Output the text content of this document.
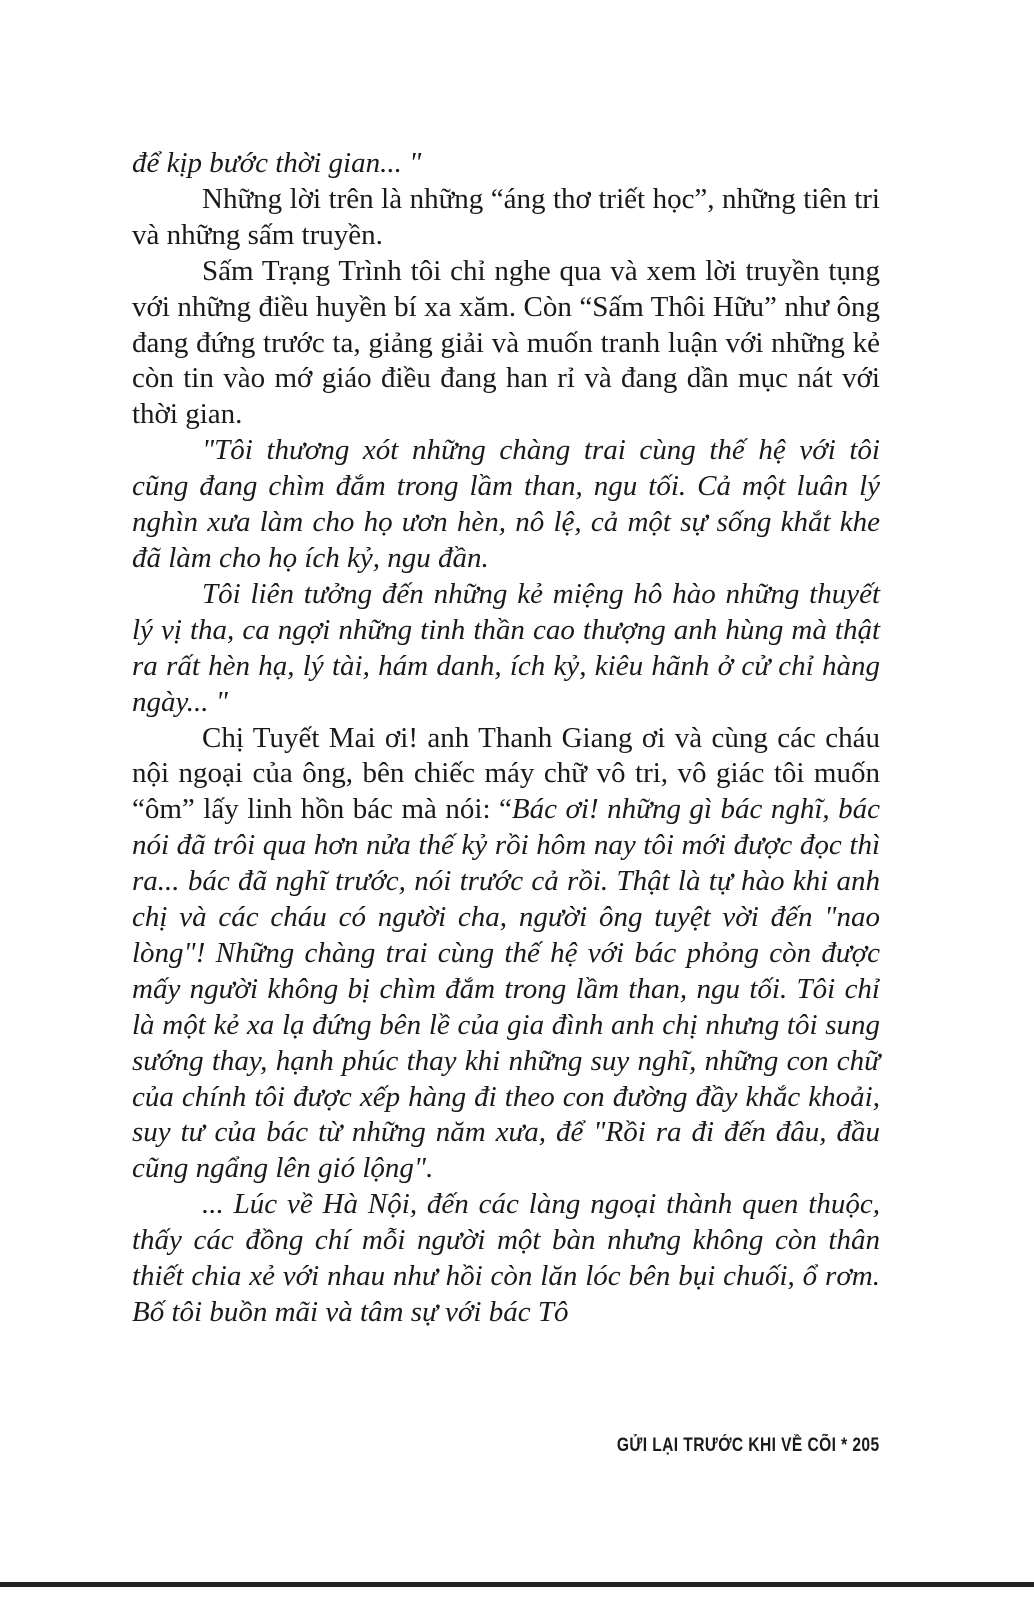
để kịp bước thời gian... "

Những lời trên là những “áng thơ triết học”, những tiên tri và những sấm truyền.

Sấm Trạng Trình tôi chỉ nghe qua và xem lời truyền tụng với những điều huyền bí xa xăm. Còn “Sấm Thôi Hữu” như ông đang đứng trước ta, giảng giải và muốn tranh luận với những kẻ còn tin vào mớ giáo điều đang han rỉ và đang dần mục nát với thời gian.

"Tôi thương xót những chàng trai cùng thế hệ với tôi cũng đang chìm đắm trong lầm than, ngu tối. Cả một luân lý nghìn xưa làm cho họ ươn hèn, nô lệ, cả một sự sống khắt khe đã làm cho họ ích kỷ, ngu đần.

Tôi liên tưởng đến những kẻ miệng hô hào những thuyết lý vị tha, ca ngợi những tinh thần cao thượng anh hùng mà thật ra rất hèn hạ, lý tài, hám danh, ích kỷ, kiêu hãnh ở cử chỉ hàng ngày... "

Chị Tuyết Mai ơi! anh Thanh Giang ơi và cùng các cháu nội ngoại của ông, bên chiếc máy chữ vô tri, vô giác tôi muốn “ôm” lấy linh hồn bác mà nói: “Bác ơi! những gì bác nghĩ, bác nói đã trôi qua hơn nửa thế kỷ rồi hôm nay tôi mới được đọc thì ra... bác đã nghĩ trước, nói trước cả rồi. Thật là tự hào khi anh chị và các cháu có người cha, người ông tuyệt vời đến "nao lòng"! Những chàng trai cùng thế hệ với bác phỏng còn được mấy người không bị chìm đắm trong lầm than, ngu tối. Tôi chỉ là một kẻ xa lạ đứng bên lề của gia đình anh chị nhưng tôi sung sướng thay, hạnh phúc thay khi những suy nghĩ, những con chữ của chính tôi được xếp hàng đi theo con đường đầy khắc khoải, suy tư của bác từ những năm xưa, để "Rồi ra đi đến đâu, đầu cũng ngẩng lên gió lộng".

... Lúc về Hà Nội, đến các làng ngoại thành quen thuộc, thấy các đồng chí mỗi người một bàn nhưng không còn thân thiết chia xẻ với nhau như hồi còn lăn lóc bên bụi chuối, ổ rơm. Bố tôi buồn mãi và tâm sự với bác Tô

GỬI LẠI TRƯỚC KHI VỀ CÕI * 205
